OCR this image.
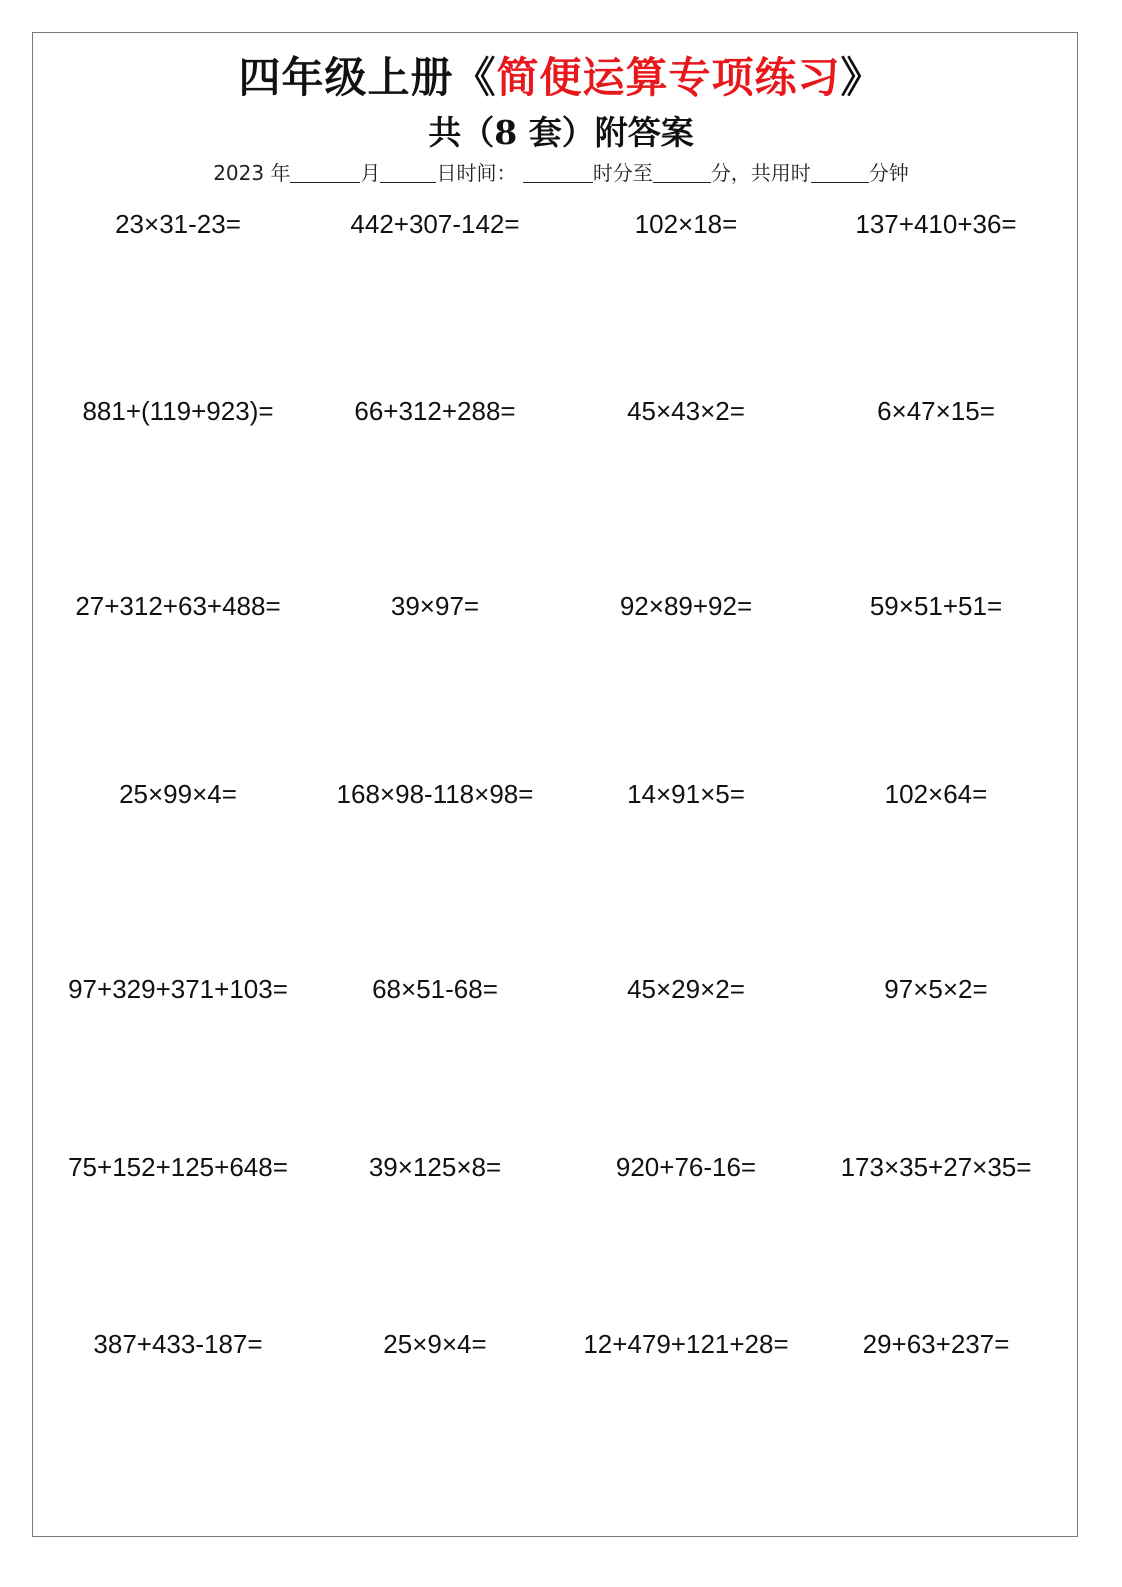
四年级上册《简便运算专项练习》
共（8 套）附答案
2023 年	月	日时间：	时分至	分，共用时	分钟
23×31-23=	442+307-142=	102×18=	137+410+36=
881+(119+923)=	66+312+288=	45×43×2=	6×47×15=
27+312+63+488=	39×97=	92×89+92=	59×51+51=
25×99×4=	168×98-118×98=	14×91×5=	102×64=
97+329+371+103=	68×51-68=	45×29×2=	97×5×2=
75+152+125+648=	39×125×8=	920+76-16=	173×35+27×35=
387+433-187=	25×9×4=	12+479+121+28=	29+63+237=
